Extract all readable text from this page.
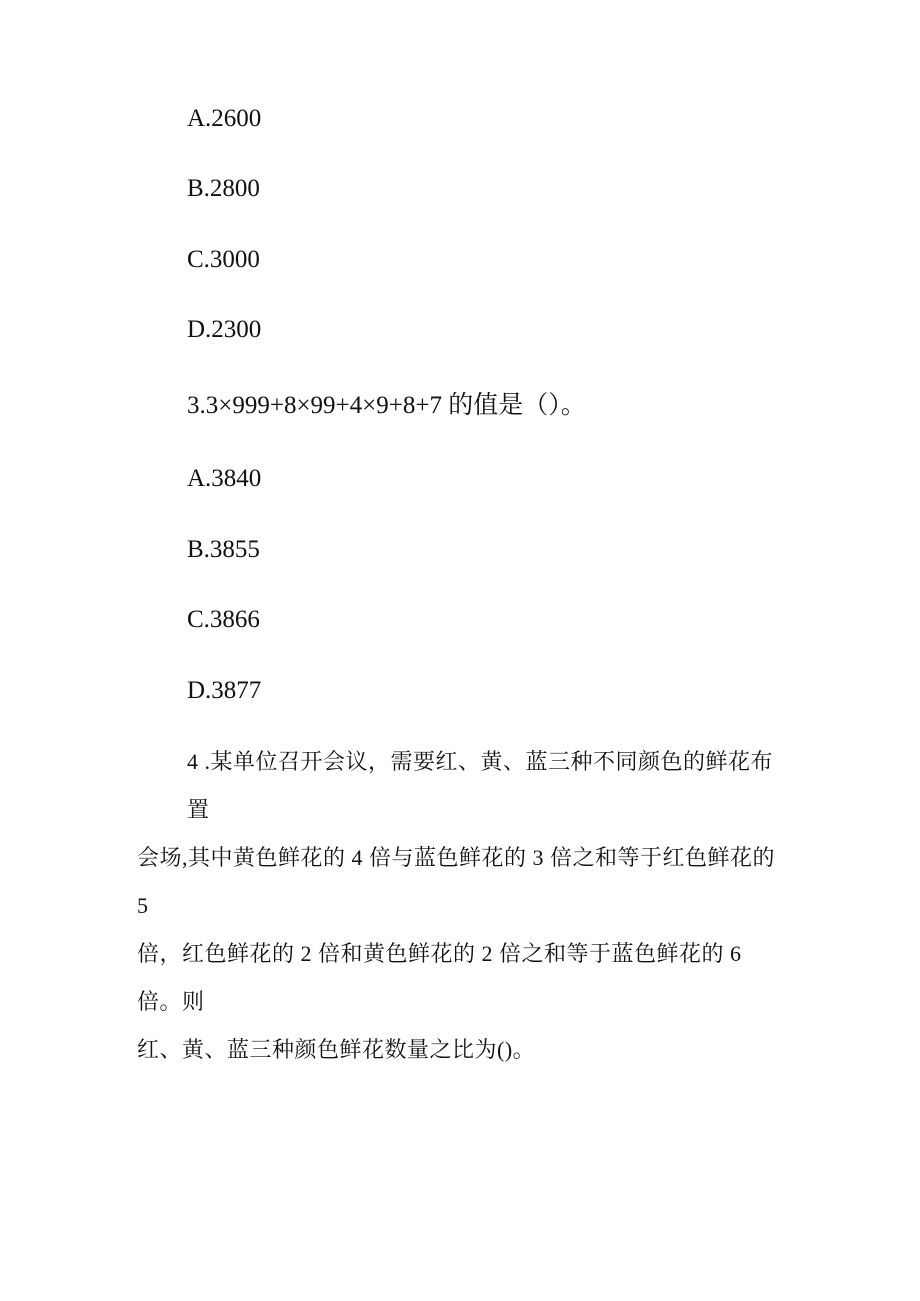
A.2600
B.2800
C.3000
D.2300
3.3×999+8×99+4×9+8+7 的值是（）。
A.3840
B.3855
C.3866
D.3877
4 .某单位召开会议，需要红、黄、蓝三种不同颜色的鲜花布置
会场,其中黄色鲜花的 4 倍与蓝色鲜花的 3 倍之和等于红色鲜花的 5
倍，红色鲜花的 2 倍和黄色鲜花的 2 倍之和等于蓝色鲜花的 6 倍。则
红、黄、蓝三种颜色鲜花数量之比为()。
